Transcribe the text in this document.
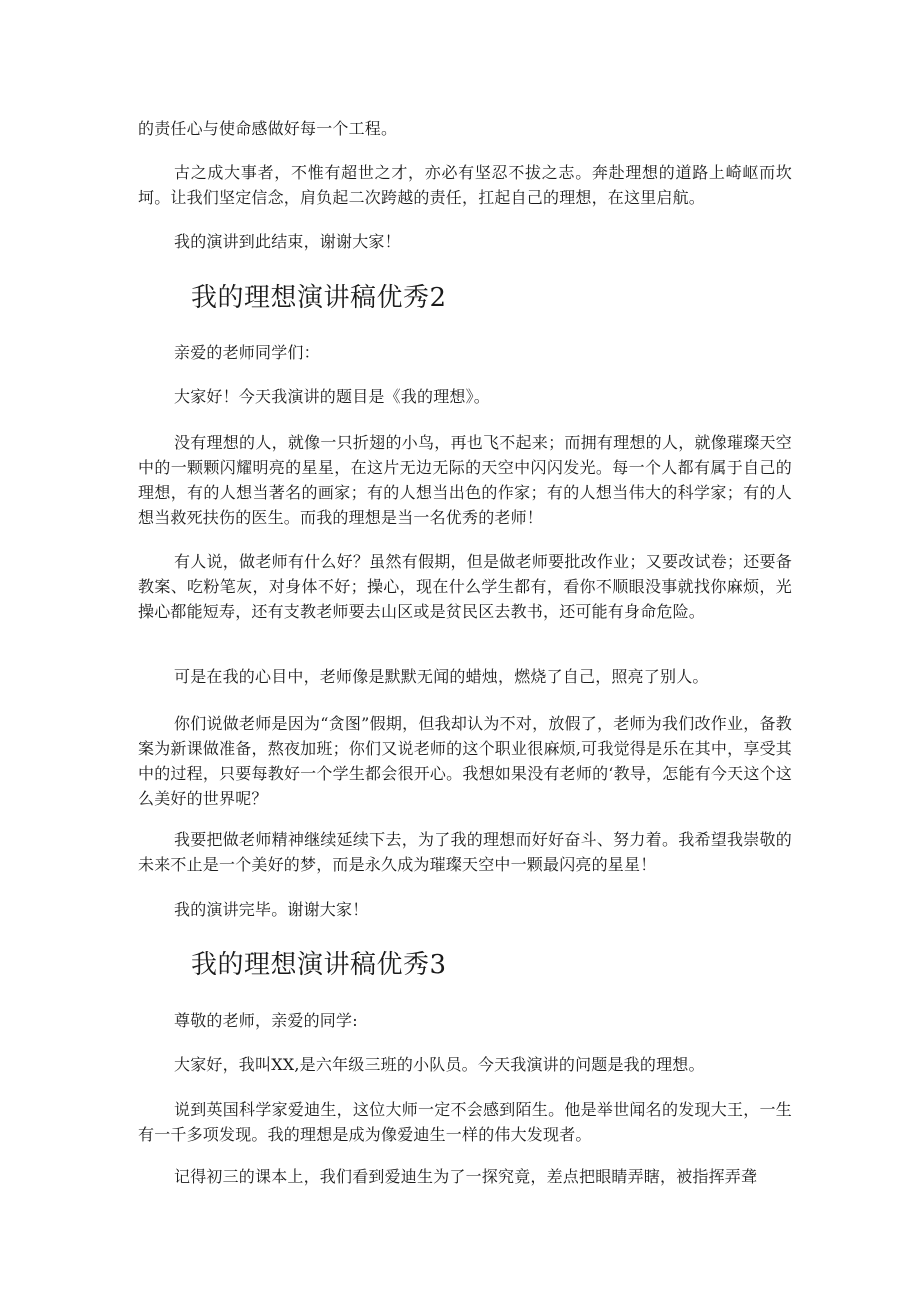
的责任心与使命感做好每一个工程。

古之成大事者，不惟有超世之才，亦必有坚忍不拔之志。奔赴理想的道路上崎岖而坎坷。让我们坚定信念，肩负起二次跨越的责任，扛起自己的理想，在这里启航。

我的演讲到此结束，谢谢大家！

我的理想演讲稿优秀2

亲爱的老师同学们：

大家好！今天我演讲的题目是《我的理想》。

没有理想的人，就像一只折翅的小鸟，再也飞不起来；而拥有理想的人，就像璀璨天空中的一颗颗闪耀明亮的星星，在这片无边无际的天空中闪闪发光。每一个人都有属于自己的理想，有的人想当著名的画家；有的人想当出色的作家；有的人想当伟大的科学家；有的人想当救死扶伤的医生。而我的理想是当一名优秀的老师！

有人说，做老师有什么好？虽然有假期，但是做老师要批改作业；又要改试卷；还要备教案、吃粉笔灰，对身体不好；操心，现在什么学生都有，看你不顺眼没事就找你麻烦，光操心都能短寿，还有支教老师要去山区或是贫民区去教书，还可能有身命危险。

可是在我的心目中，老师像是默默无闻的蜡烛，燃烧了自己，照亮了别人。

你们说做老师是因为“贪图”假期，但我却认为不对，放假了，老师为我们改作业，备教案为新课做准备，熬夜加班；你们又说老师的这个职业很麻烦,可我觉得是乐在其中，享受其中的过程，只要每教好一个学生都会很开心。我想如果没有老师的‘教导，怎能有今天这个这么美好的世界呢？

我要把做老师精神继续延续下去，为了我的理想而好好奋斗、努力着。我希望我崇敬的未来不止是一个美好的梦，而是永久成为璀璨天空中一颗最闪亮的星星！

我的演讲完毕。谢谢大家！

我的理想演讲稿优秀3

尊敬的老师，亲爱的同学:

大家好，我叫XX,是六年级三班的小队员。今天我演讲的问题是我的理想。

说到英国科学家爱迪生，这位大师一定不会感到陌生。他是举世闻名的发现大王，一生有一千多项发现。我的理想是成为像爱迪生一样的伟大发现者。

记得初三的课本上，我们看到爱迪生为了一探究竟，差点把眼睛弄瞎，被指挥弄聋
